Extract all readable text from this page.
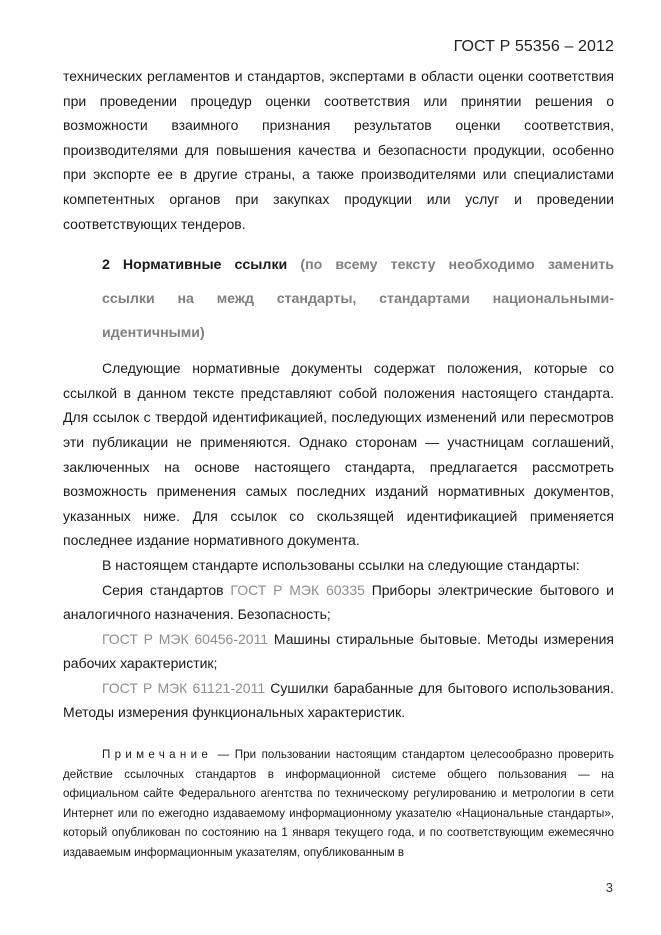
ГОСТ Р 55356 – 2012

технических регламентов и стандартов, экспертами в области оценки соответствия при проведении процедур оценки соответствия или принятии решения о возможности взаимного признания результатов оценки соответствия, производителями для повышения качества и безопасности продукции, особенно при экспорте ее в другие страны, а также производителями или специалистами компетентных органов при закупках продукции или услуг и проведении соответствующих тендеров.

2 Нормативные ссылки (по всему тексту необходимо заменить ссылки на межд стандарты, стандартами национальными-идентичными)

Следующие нормативные документы содержат положения, которые со ссылкой в данном тексте представляют собой положения настоящего стандарта. Для ссылок с твердой идентификацией, последующих изменений или пересмотров эти публикации не применяются. Однако сторонам — участницам соглашений, заключенных на основе настоящего стандарта, предлагается рассмотреть возможность применения самых последних изданий нормативных документов, указанных ниже. Для ссылок со скользящей идентификацией применяется последнее издание нормативного документа.

В настоящем стандарте использованы ссылки на следующие стандарты:

Серия стандартов ГОСТ Р МЭК 60335 Приборы электрические бытового и аналогичного назначения. Безопасность;

ГОСТ Р МЭК 60456-2011 Машины стиральные бытовые. Методы измерения рабочих характеристик;

ГОСТ Р МЭК 61121-2011 Сушилки барабанные для бытового использования. Методы измерения функциональных характеристик.

Примечание — При пользовании настоящим стандартом целесообразно проверить действие ссылочных стандартов в информационной системе общего пользования — на официальном сайте Федерального агентства по техническому регулированию и метрологии в сети Интернет или по ежегодно издаваемому информационному указателю «Национальные стандарты», который опубликован по состоянию на 1 января текущего года, и по соответствующим ежемесячно издаваемым информационным указателям, опубликованным в
3
